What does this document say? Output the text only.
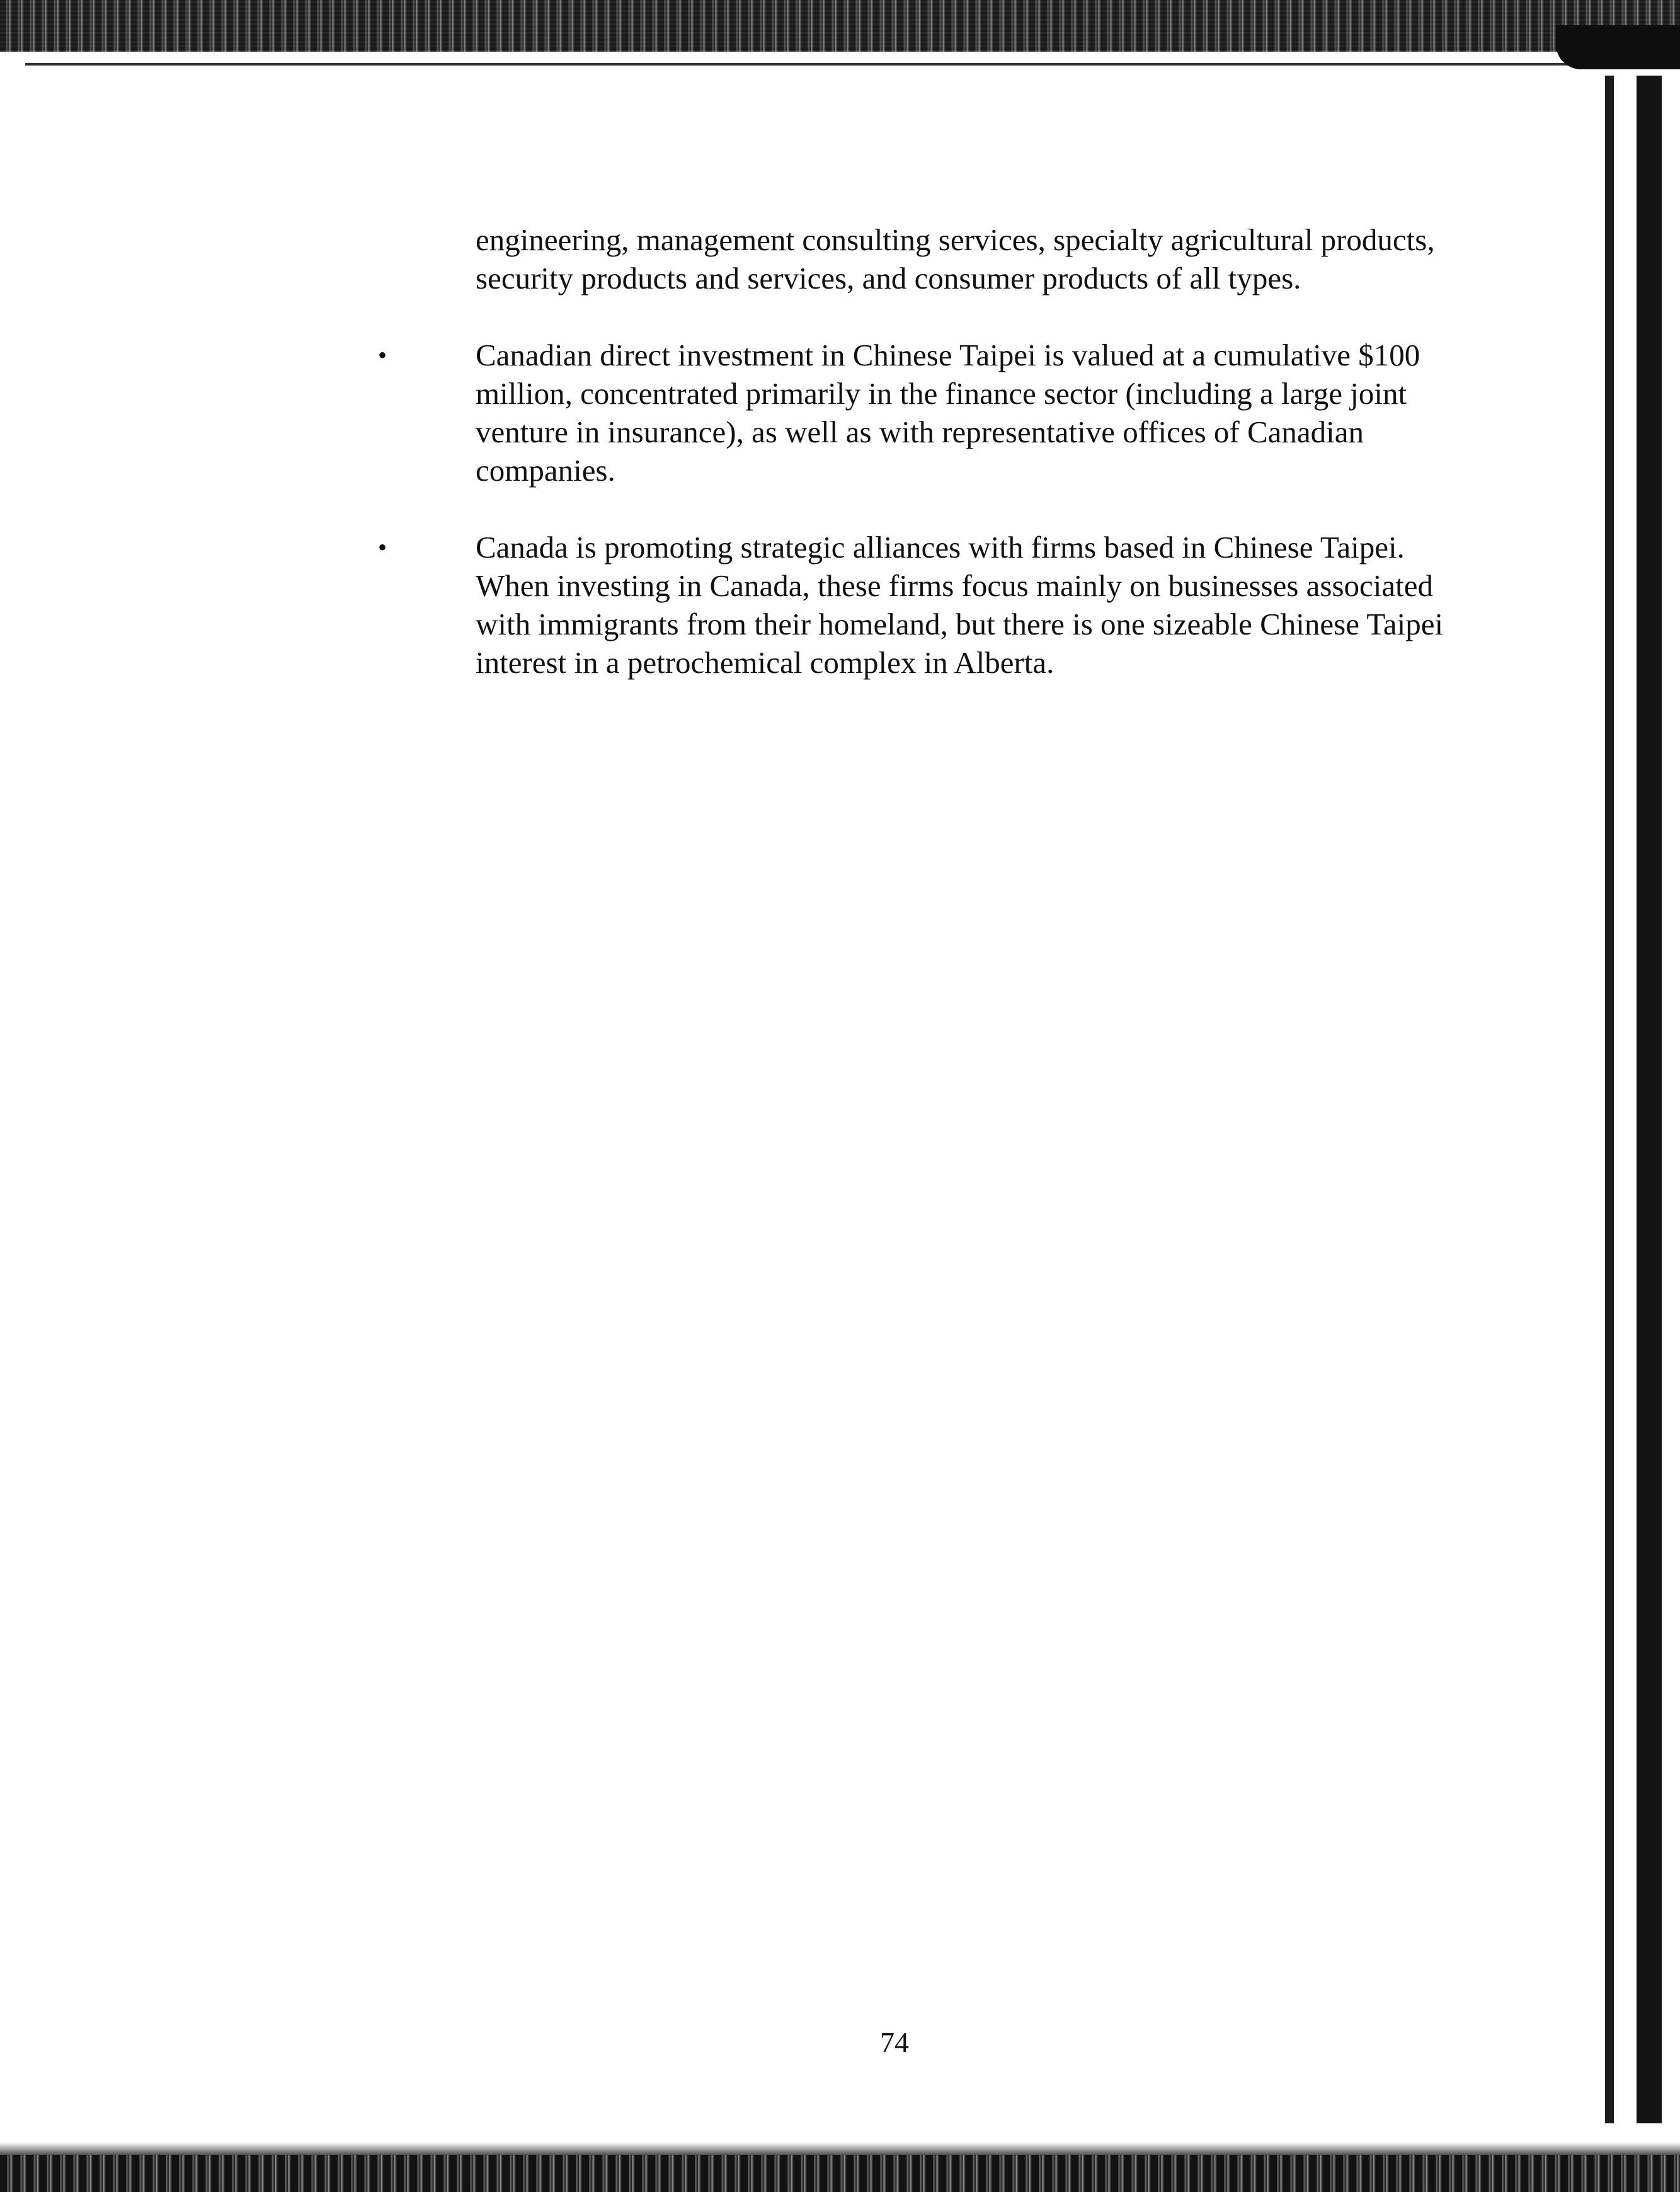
engineering, management consulting services, specialty agricultural products, security products and services, and consumer products of all types.

•	Canadian direct investment in Chinese Taipei is valued at a cumulative $100 million, concentrated primarily in the finance sector (including a large joint venture in insurance), as well as with representative offices of Canadian companies.

•	Canada is promoting strategic alliances with firms based in Chinese Taipei. When investing in Canada, these firms focus mainly on businesses associated with immigrants from their homeland, but there is one sizeable Chinese Taipei interest in a petrochemical complex in Alberta.

74
